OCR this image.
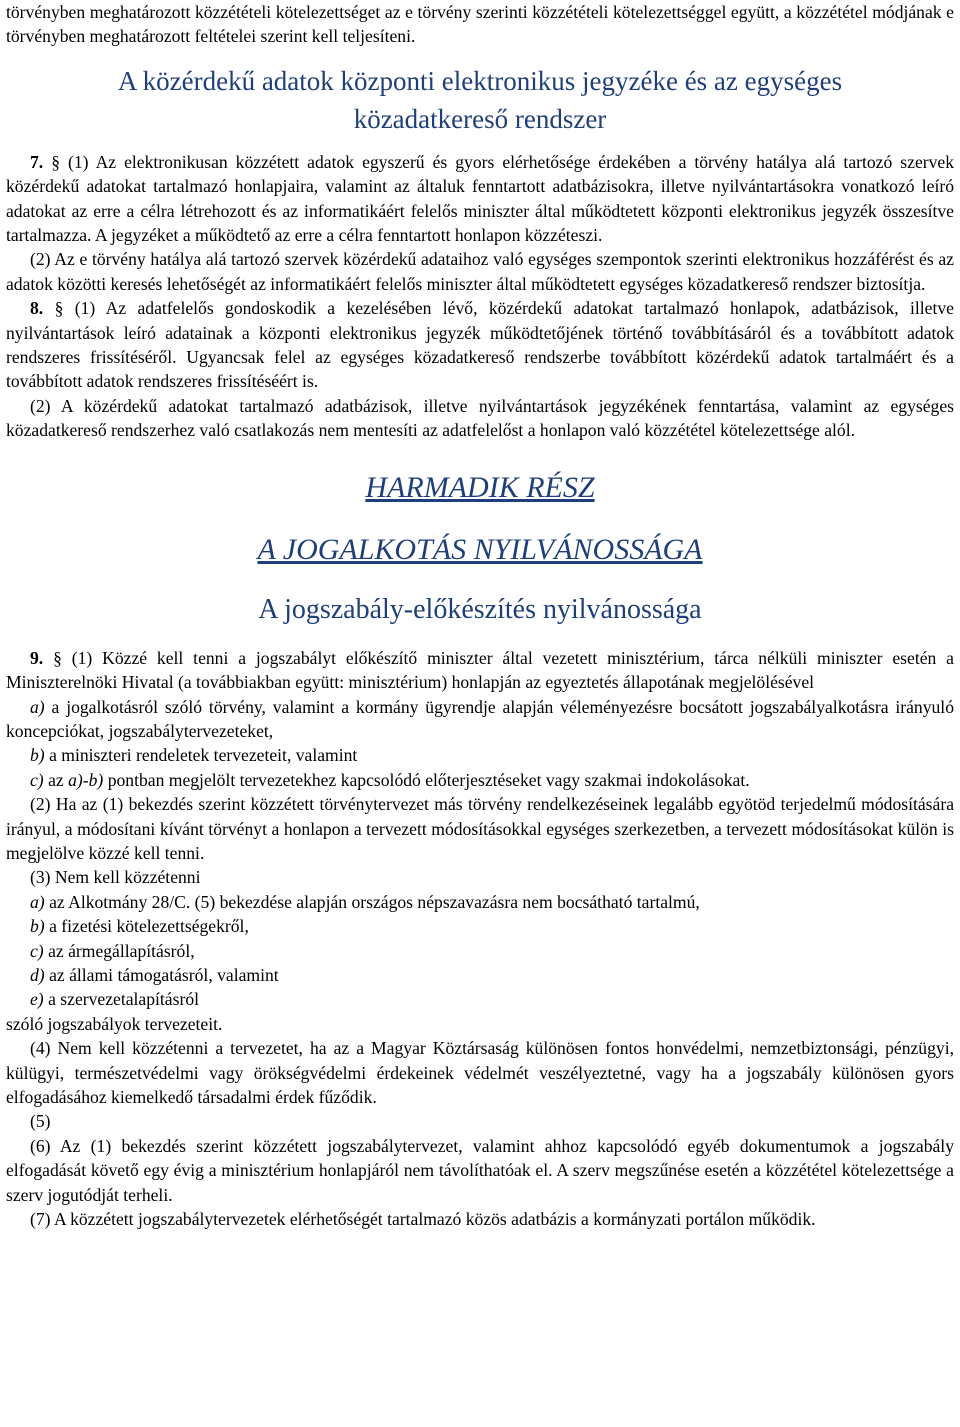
törvényben meghatározott közzétételi kötelezettséget az e törvény szerinti közzétételi kötelezettséggel együtt, a közzététel módjának e törvényben meghatározott feltételei szerint kell teljesíteni.

A közérdekű adatok központi elektronikus jegyzéke és az egységes

közadatkereső rendszer

7. § (1) Az elektronikusan közzétett adatok egyszerű és gyors elérhetősége érdekében a törvény hatálya alá tartozó szervek közérdekű adatokat tartalmazó honlapjaira, valamint az általuk fenntartott adatbázisokra, illetve nyilvántartásokra vonatkozó leíró adatokat az erre a célra létrehozott és az informatikáért felelős miniszter által működtetett központi elektronikus jegyzék összesítve tartalmazza. A jegyzéket a működtető az erre a célra fenntartott honlapon közzéteszi.

(2) Az e törvény hatálya alá tartozó szervek közérdekű adataihoz való egységes szempontok szerinti elektronikus hozzáférést és az adatok közötti keresés lehetőségét az informatikáért felelős miniszter által működtetett egységes közadatkereső rendszer biztosítja.

8. § (1) Az adatfelelős gondoskodik a kezelésében lévő, közérdekű adatokat tartalmazó honlapok, adatbázisok, illetve nyilvántartások leíró adatainak a központi elektronikus jegyzék működtetőjének történő továbbításáról és a továbbított adatok rendszeres frissítéséről. Ugyancsak felel az egységes közadatkereső rendszerbe továbbított közérdekű adatok tartalmáért és a továbbított adatok rendszeres frissítéséért is.

(2) A közérdekű adatokat tartalmazó adatbázisok, illetve nyilvántartások jegyzékének fenntartása, valamint az egységes közadatkereső rendszerhez való csatlakozás nem mentesíti az adatfelelőst a honlapon való közzététel kötelezettsége alól.

HARMADIK RÉSZ

A JOGALKOTÁS NYILVÁNOSSÁGA

A jogszabály-előkészítés nyilvánossága

9. § (1) Közzé kell tenni a jogszabályt előkészítő miniszter által vezetett minisztérium, tárca nélküli miniszter esetén a Miniszterelnöki Hivatal (a továbbiakban együtt: minisztérium) honlapján az egyeztetés állapotának megjelölésével

a) a jogalkotásról szóló törvény, valamint a kormány ügyrendje alapján véleményezésre bocsátott jogszabályalkotásra irányuló koncepciókat, jogszabálytervezeteket,

b) a miniszteri rendeletek tervezeteit, valamint

c) az a)-b) pontban megjelölt tervezetekhez kapcsolódó előterjesztéseket vagy szakmai indokolásokat.

(2) Ha az (1) bekezdés szerint közzétett törvénytervezet más törvény rendelkezéseinek legalább egyötöd terjedelmű módosítására irányul, a módosítani kívánt törvényt a honlapon a tervezett módosításokkal egységes szerkezetben, a tervezett módosításokat külön is megjelölve közzé kell tenni.

(3) Nem kell közzétenni

a) az Alkotmány 28/C. (5) bekezdése alapján országos népszavazásra nem bocsátható tartalmú,

b) a fizetési kötelezettségekről,

c) az ármegállapításról,

d) az állami támogatásról, valamint

e) a szervezetalapításról

szóló jogszabályok tervezeteit.

(4) Nem kell közzétenni a tervezetet, ha az a Magyar Köztársaság különösen fontos honvédelmi, nemzetbiztonsági, pénzügyi, külügyi, természetvédelmi vagy örökségvédelmi érdekeinek védelmét veszélyeztetné, vagy ha a jogszabály különösen gyors elfogadásához kiemelkedő társadalmi érdek fűződik.

(5)

(6) Az (1) bekezdés szerint közzétett jogszabálytervezet, valamint ahhoz kapcsolódó egyéb dokumentumok a jogszabály elfogadását követő egy évig a minisztérium honlapjáról nem távolíthatóak el. A szerv megszűnése esetén a közzététel kötelezettsége a szerv jogutódját terheli.

(7) A közzétett jogszabálytervezetek elérhetőségét tartalmazó közös adatbázis a kormányzati portálon működik.
